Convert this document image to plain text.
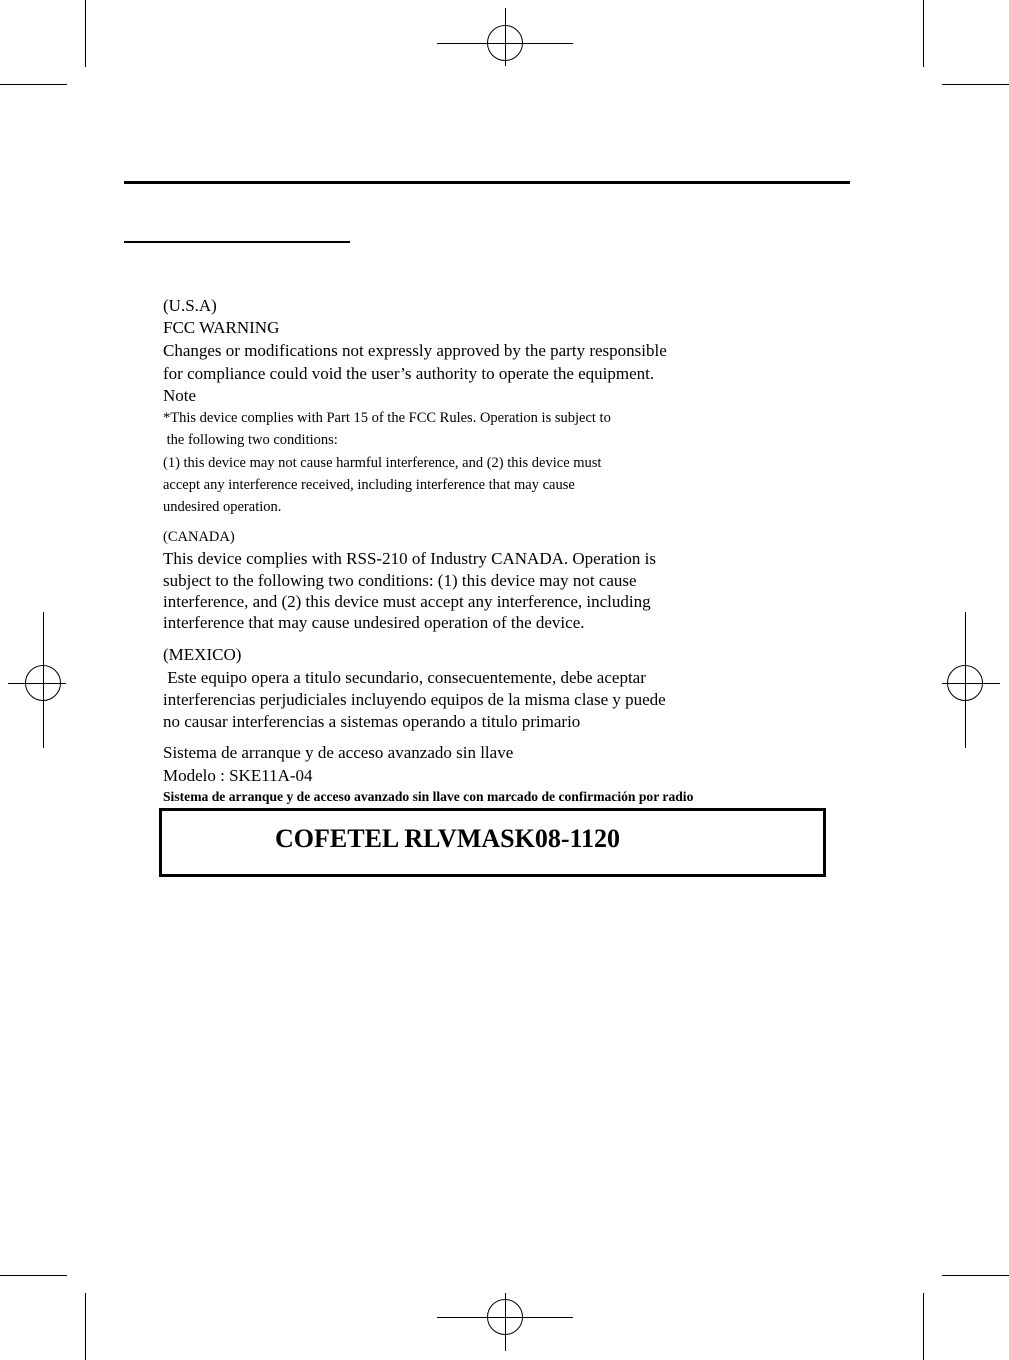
(U.S.A)
FCC WARNING
Changes or modifications not expressly approved by the party responsible
for compliance could void the user’s authority to operate the equipment.
Note
*This device complies with Part 15 of the FCC Rules. Operation is subject to
the following two conditions:
(1) this device may not cause harmful interference, and (2) this device must
accept any interference received, including interference that may cause
undesired operation.
(CANADA)
This device complies with RSS-210 of Industry CANADA. Operation is
subject to the following two conditions: (1) this device may not cause
interference, and (2) this device must accept any interference, including
interference that may cause undesired operation of the device.
(MEXICO)
Este equipo opera a titulo secundario, consecuentemente, debe aceptar
interferencias perjudiciales incluyendo equipos de la misma clase y puede
no causar interferencias a sistemas operando a titulo primario
Sistema de arranque y de acceso avanzado sin llave
Modelo : SKE11A-04
Sistema de arranque y de acceso avanzado sin llave con marcado de confirmación por radio
COFETEL RLVMASK08-1120
